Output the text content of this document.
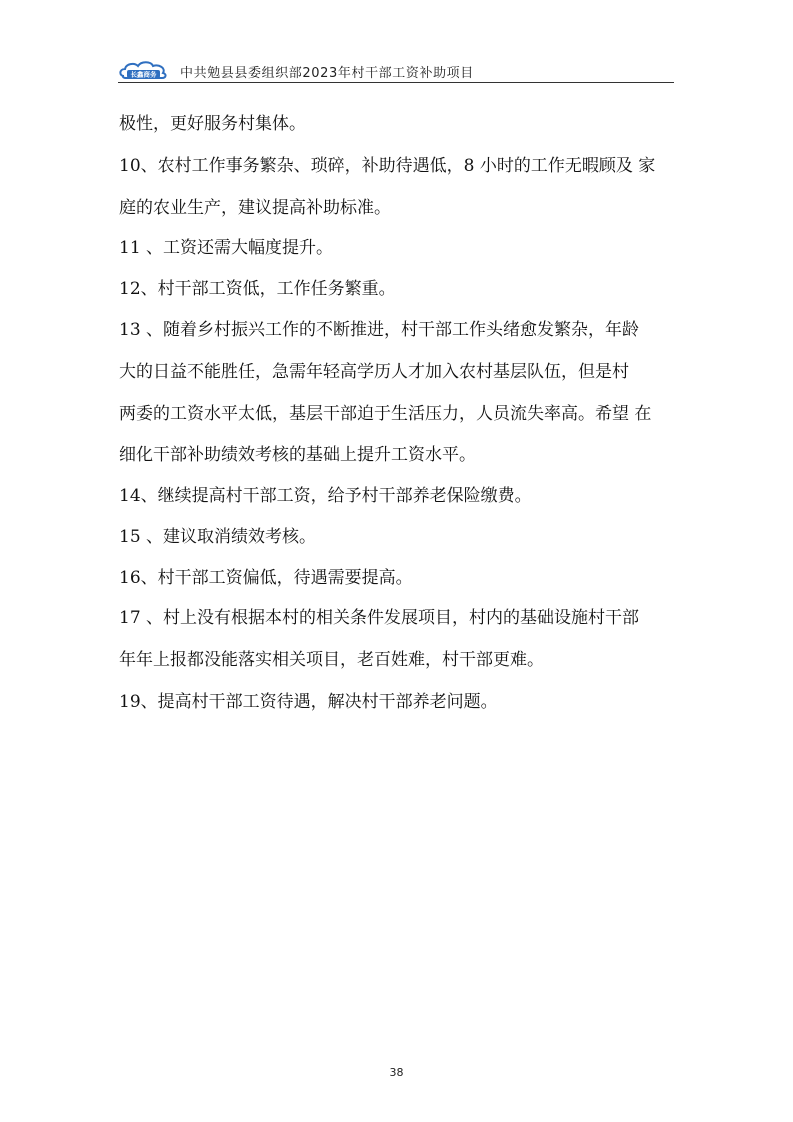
长鑫商务 中共勉县县委组织部2023年村干部工资补助项目
极性，更好服务村集体。
10、农村工作事务繁杂、琐碎，补助待遇低，8 小时的工作无暇顾及 家
庭的农业生产，建议提高补助标准。
11 、工资还需大幅度提升。
12、村干部工资低，工作任务繁重。
13 、随着乡村振兴工作的不断推进，村干部工作头绪愈发繁杂，年龄
大的日益不能胜任，急需年轻高学历人才加入农村基层队伍，但是村
两委的工资水平太低，基层干部迫于生活压力，人员流失率高。希望 在
细化干部补助绩效考核的基础上提升工资水平。
14、继续提高村干部工资，给予村干部养老保险缴费。
15 、建议取消绩效考核。
16、村干部工资偏低，待遇需要提高。
17 、村上没有根据本村的相关条件发展项目，村内的基础设施村干部
年年上报都没能落实相关项目，老百姓难，村干部更难。
19、提高村干部工资待遇，解决村干部养老问题。
38
